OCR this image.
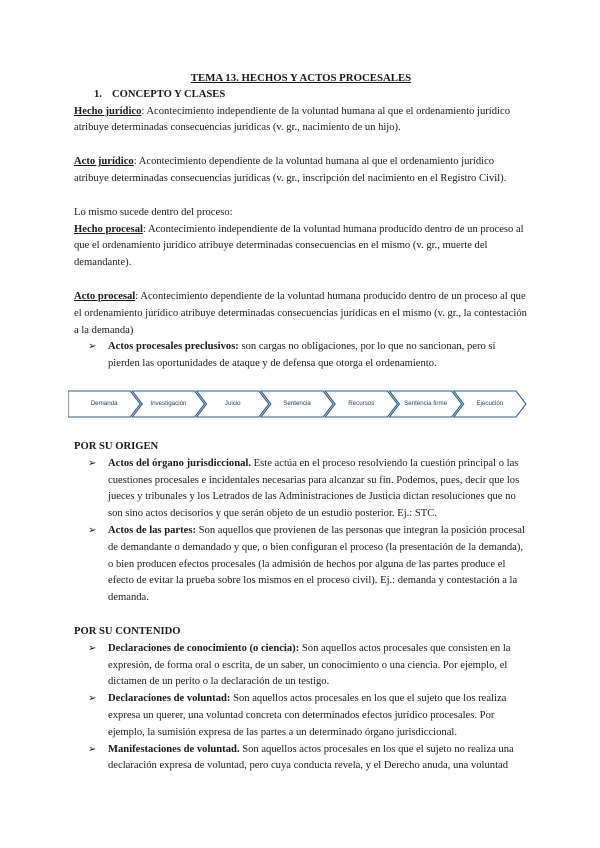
TEMA 13. HECHOS Y ACTOS PROCESALES

1. CONCEPTO Y CLASES

Hecho jurídico: Acontecimiento independiente de la voluntad humana al que el ordenamiento jurídico atribuye determinadas consecuencias jurídicas (v. gr., nacimiento de un hijo).

Acto jurídico: Acontecimiento dependiente de la voluntad humana al que el ordenamiento jurídico atribuye determinadas consecuencias jurídicas (v. gr., inscripción del nacimiento en el Registro Civil).

Lo mismo sucede dentro del proceso:

Hecho procesal: Acontecimiento independiente de la voluntad humana producido dentro de un proceso al que el ordenamiento jurídico atribuye determinadas consecuencias en el mismo (v. gr., muerte del demandante).

Acto procesal: Acontecimiento dependiente de la voluntad humana producido dentro de un proceso al que el ordenamiento jurídico atribuye determinadas consecuencias jurídicas en el mismo (v. gr., la contestación a la demanda)

➢ Actos procesales preclusivos: son cargas no obligaciones, por lo que no sancionan, pero sí pierden las oportunidades de ataque y de defensa que otorga el ordenamiento.

Demanda	Investigación	Juicio	Sentencia	Recursos	Sentencia firme	Ejecución

POR SU ORIGEN

➢ Actos del órgano jurisdiccional. Este actúa en el proceso resolviendo la cuestión principal o las cuestiones procesales e incidentales necesarias para alcanzar su fin. Podemos, pues, decir que los jueces y tribunales y los Letrados de las Administraciones de Justicia dictan resoluciones que no son sino actos decisorios y que serán objeto de un estudio posterior. Ej.: STC.

➢ Actos de las partes: Son aquellos que provienen de las personas que integran la posición procesal de demandante o demandado y que, o bien configuran el proceso (la presentación de la demanda), o bien producen efectos procesales (la admisión de hechos por alguna de las partes produce el efecto de evitar la prueba sobre los mismos en el proceso civil). Ej.: demanda y contestación a la demanda.

POR SU CONTENIDO

➢ Declaraciones de conocimiento (o ciencia): Son aquellos actos procesales que consisten en la expresión, de forma oral o escrita, de un saber, un conocimiento o una ciencia. Por ejemplo, el dictamen de un perito o la declaración de un testigo.

➢ Declaraciones de voluntad: Son aquellos actos procesales en los que el sujeto que los realiza expresa un querer, una voluntad concreta con determinados efectos jurídico procesales. Por ejemplo, la sumisión expresa de las partes a un determinado órgano jurisdiccional.

➢ Manifestaciones de voluntad. Son aquellos actos procesales en los que el sujeto no realiza una declaración expresa de voluntad, pero cuya conducta revela, y el Derecho anuda, una voluntad
